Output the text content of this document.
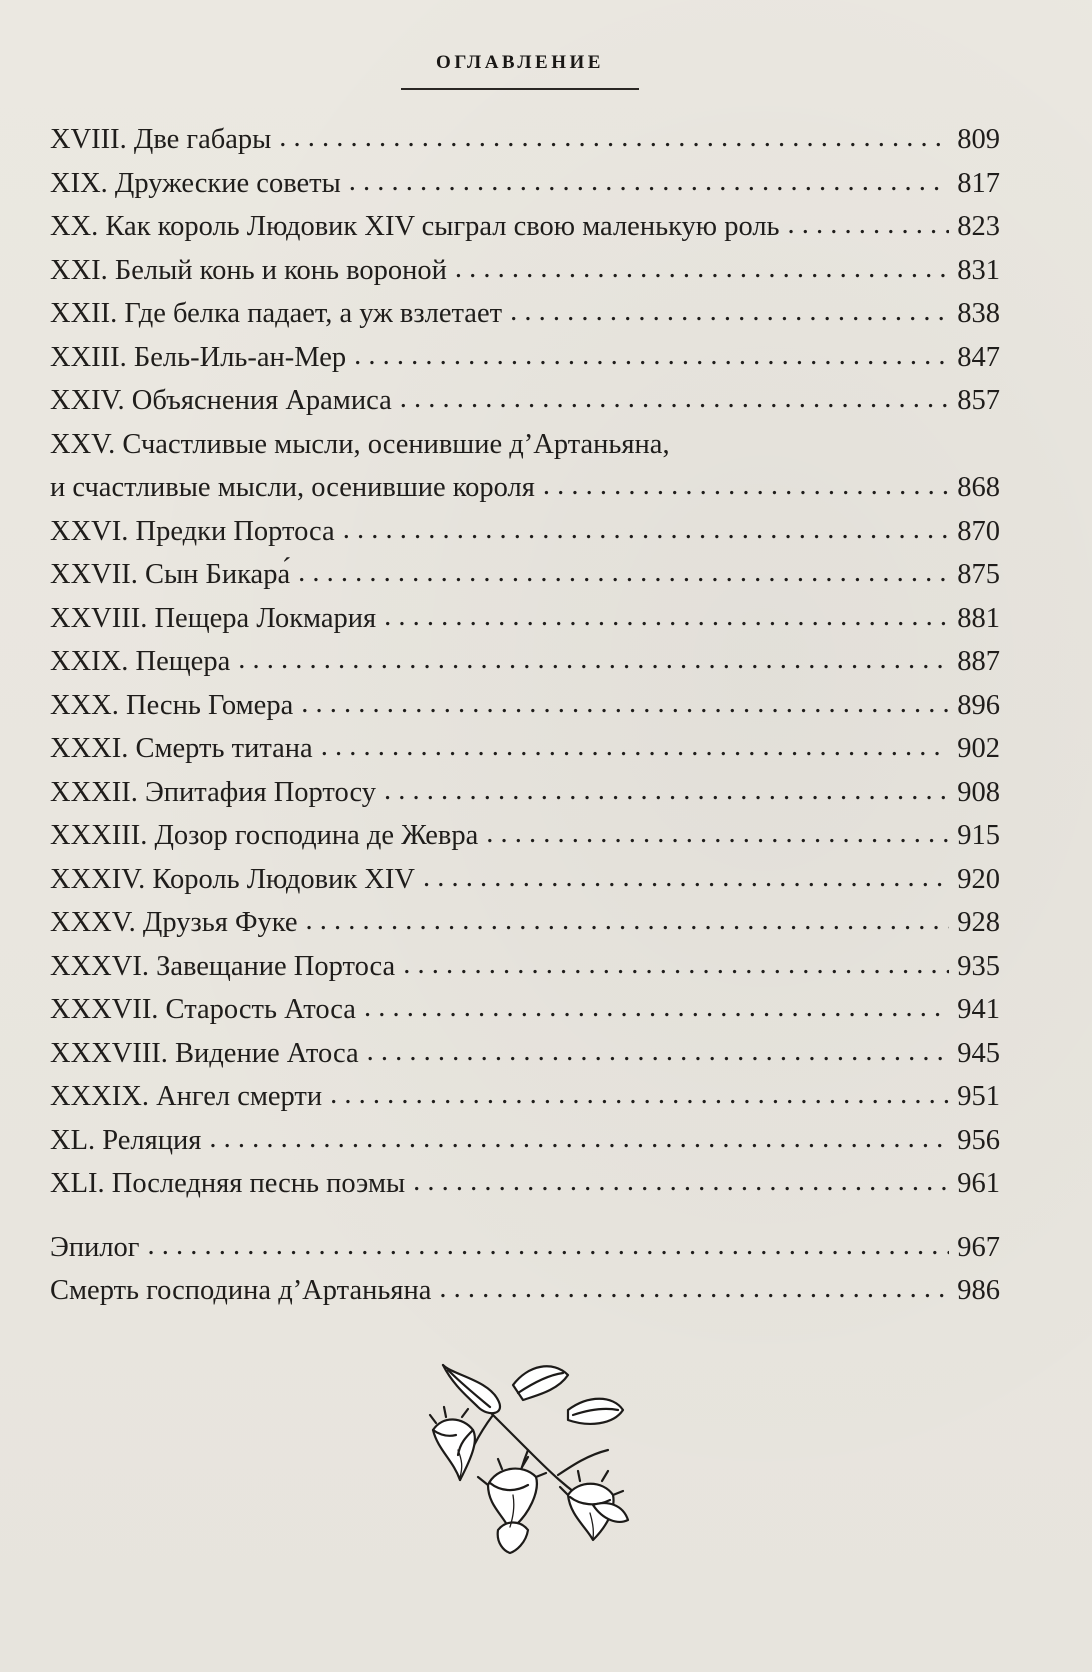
ОГЛАВЛЕНИЕ
XVIII. Две габары . . .	809
XIX. Дружеские советы . . .	817
XX. Как король Людовик XIV сыграл свою маленькую роль . . .	823
XXI. Белый конь и конь вороной . . .	831
XXII. Где белка падает, а уж взлетает . . .	838
XXIII. Бель-Иль-ан-Мер . . .	847
XXIV. Объяснения Арамиса . . .	857
XXV. Счастливые мысли, осенившие д’Артаньяна,
и счастливые мысли, осенившие короля . . .	868
XXVI. Предки Портоса . . .	870
XXVII. Сын Бикара́ . . .	875
XXVIII. Пещера Локмария . . .	881
XXIX. Пещера . . .	887
XXX. Песнь Гомера . . .	896
XXXI. Смерть титана . . .	902
XXXII. Эпитафия Портосу . . .	908
XXXIII. Дозор господина де Жевра . . .	915
XXXIV. Король Людовик XIV . . .	920
XXXV. Друзья Фуке . . .	928
XXXVI. Завещание Портоса . . .	935
XXXVII. Старость Атоса . . .	941
XXXVIII. Видение Атоса . . .	945
XXXIX. Ангел смерти . . .	951
XL. Реляция . . .	956
XLI. Последняя песнь поэмы . . .	961
Эпилог . . .	967
Смерть господина д’Артаньяна . . .	986
